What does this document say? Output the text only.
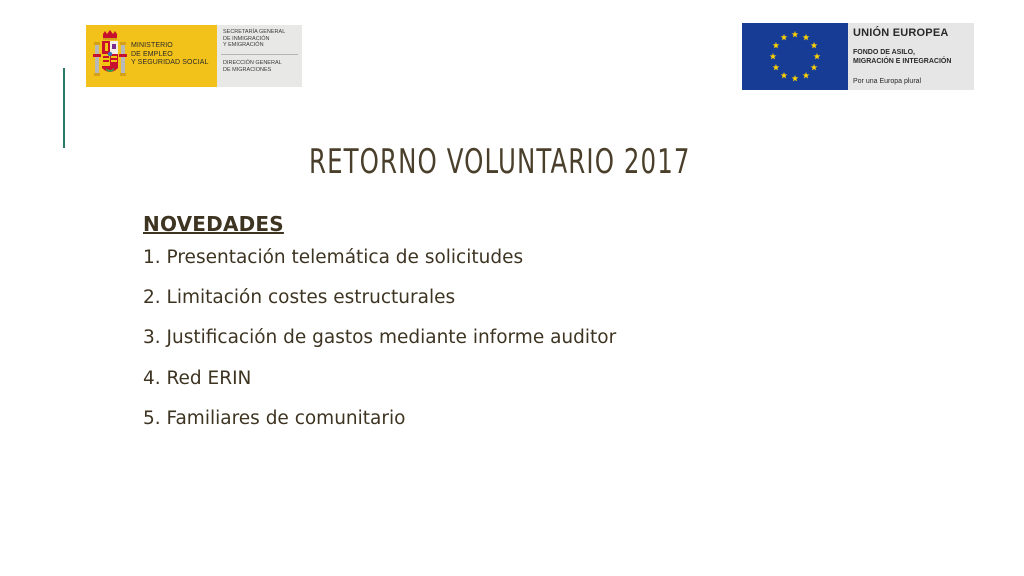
MINISTERIO
DE EMPLEO
Y SEGURIDAD SOCIAL
SECRETARÍA GENERAL
DE INMIGRACIÓN
Y EMIGRACIÓN
DIRECCIÓN GENERAL
DE MIGRACIONES
UNIÓN EUROPEA
FONDO DE ASILO,
MIGRACIÓN E INTEGRACIÓN
Por una Europa plural
RETORNO VOLUNTARIO 2017
NOVEDADES
1. Presentación telemática de solicitudes
2. Limitación costes estructurales
3. Justificación de gastos mediante informe auditor
4. Red ERIN
5. Familiares de comunitario
